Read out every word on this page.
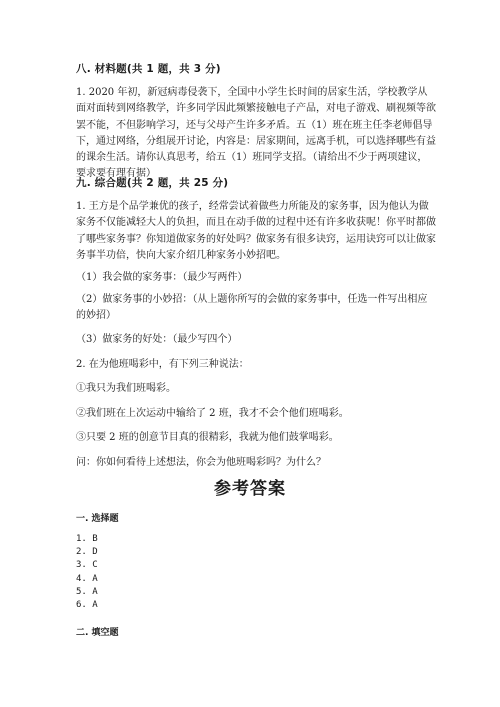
八. 材料题(共 1 题，共 3 分)
1. 2020 年初，新冠病毒侵袭下，全国中小学生长时间的居家生活，学校教学从面对面转到网络教学，许多同学因此频繁接触电子产品，对电子游戏、刷视频等欲罢不能，不但影响学习，还与父母产生许多矛盾。五（1）班在班主任李老师倡导下，通过网络，分组展开讨论，内容是：居家期间，远离手机，可以选择哪些有益的课余生活。请你认真思考，给五（1）班同学支招。（请给出不少于两项建议，要求要有理有据）
九. 综合题(共 2 题，共 25 分)
1. 王方是个品学兼优的孩子，经常尝试着做些力所能及的家务事，因为他认为做家务不仅能减轻大人的负担，而且在动手做的过程中还有许多收获呢！你平时都做了哪些家务事？你知道做家务的好处吗？做家务有很多诀窍，运用诀窍可以让做家务事半功倍，快向大家介绍几种家务小妙招吧。
（1）我会做的家务事：（最少写两件）
（2）做家务事的小妙招：（从上题你所写的会做的家务事中，任选一件写出相应的妙招）
（3）做家务的好处：（最少写四个）
2. 在为他班喝彩中，有下列三种说法：
①我只为我们班喝彩。
②我们班在上次运动中输给了 2 班，我才不会个他们班喝彩。
③只要 2 班的创意节目真的很精彩，我就为他们鼓掌喝彩。
问：你如何看待上述想法，你会为他班喝彩吗？为什么？
参考答案
一. 选择题
1. B
2. D
3. C
4. A
5. A
6. A
二. 填空题
